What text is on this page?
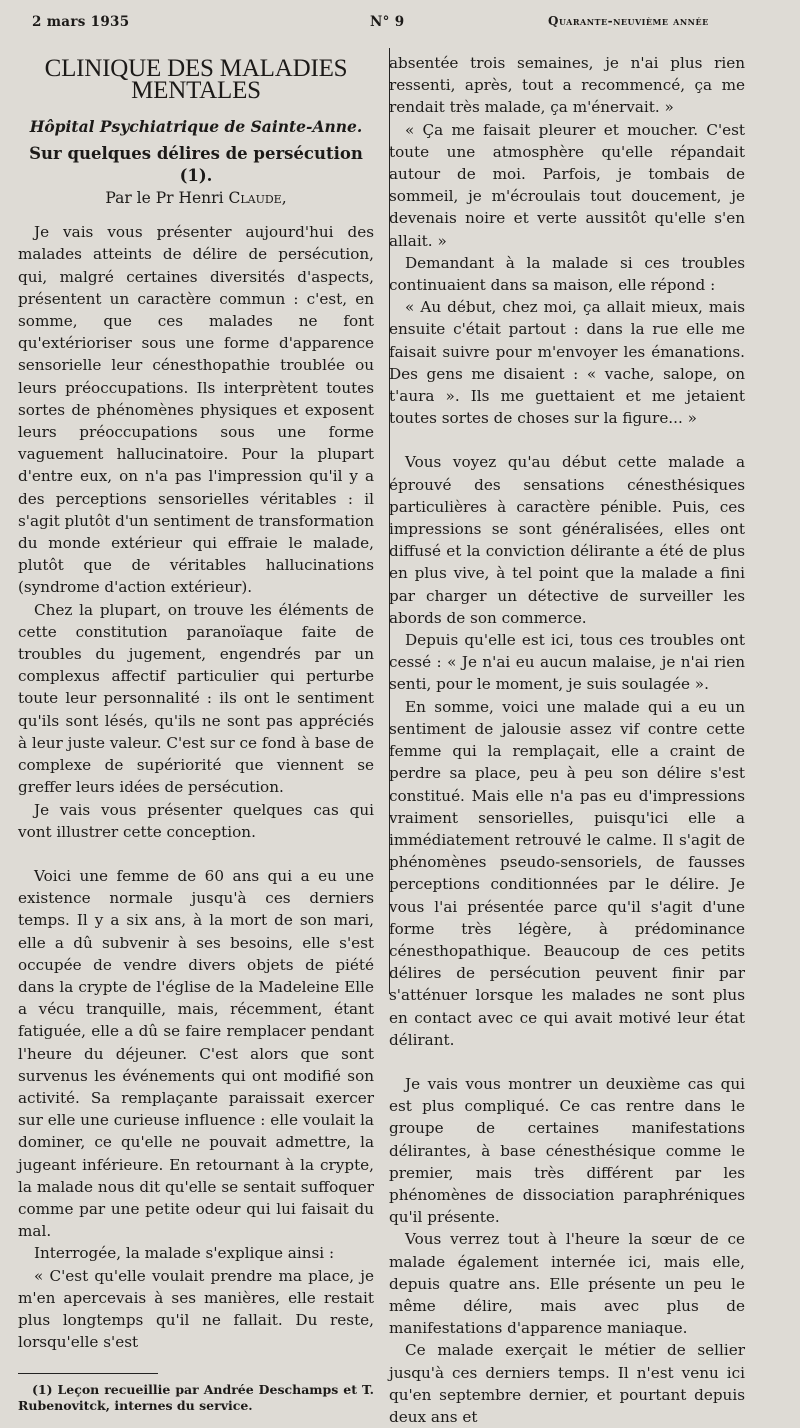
2 mars 1935	N° 9	Quarante-neuvième année
CLINIQUE DES MALADIES MENTALES
Hôpital Psychiatrique de Sainte-Anne.
Sur quelques délires de persécution (1).
Par le Pr Henri Claude,

Je vais vous présenter aujourd'hui des malades atteints de délire de persécution, qui, malgré certaines diversités d'aspects, présentent un caractère commun : c'est, en somme, que ces malades ne font qu'extérioriser sous une forme d'apparence sensorielle leur cénesthopathie troublée ou leurs préoccupations. Ils interprètent toutes sortes de phénomènes physiques et exposent leurs préoccupations sous une forme vaguement hallucinatoire. Pour la plupart d'entre eux, on n'a pas l'impression qu'il y a des perceptions sensorielles véritables : il s'agit plutôt d'un sentiment de transformation du monde extérieur qui effraie le malade, plutôt que de véritables hallucinations (syndrome d'action extérieur).

Chez la plupart, on trouve les éléments de cette constitution paranoïaque faite de troubles du jugement, engendrés par un complexus affectif particulier qui perturbe toute leur personnalité : ils ont le sentiment qu'ils sont lésés, qu'ils ne sont pas appréciés à leur juste valeur. C'est sur ce fond à base de complexe de supériorité que viennent se greffer leurs idées de persécution.

Je vais vous présenter quelques cas qui vont illustrer cette conception.

Voici une femme de 60 ans qui a eu une existence normale jusqu'à ces derniers temps. Il y a six ans, à la mort de son mari, elle a dû subvenir à ses besoins, elle s'est occupée de vendre divers objets de piété dans la crypte de l'église de la Madeleine Elle a vécu tranquille, mais, récemment, étant fatiguée, elle a dû se faire remplacer pendant l'heure du déjeuner. C'est alors que sont survenus les événements qui ont modifié son activité. Sa remplaçante paraissait exercer sur elle une curieuse influence : elle voulait la dominer, ce qu'elle ne pouvait admettre, la jugeant inférieure. En retournant à la crypte, la malade nous dit qu'elle se sentait suffoquer comme par une petite odeur qui lui faisait du mal.

Interrogée, la malade s'explique ainsi :

« C'est qu'elle voulait prendre ma place, je m'en apercevais à ses manières, elle restait plus longtemps qu'il ne fallait. Du reste, lorsqu'elle s'est

(1) Leçon recueillie par Andrée Deschamps et T. Rubenovitck, internes du service.

absentée trois semaines, je n'ai plus rien ressenti, après, tout a recommencé, ça me rendait très malade, ça m'énervait. »

« Ça me faisait pleurer et moucher. C'est toute une atmosphère qu'elle répandait autour de moi. Parfois, je tombais de sommeil, je m'écroulais tout doucement, je devenais noire et verte aussitôt qu'elle s'en allait. »

Demandant à la malade si ces troubles continuaient dans sa maison, elle répond :

« Au début, chez moi, ça allait mieux, mais ensuite c'était partout : dans la rue elle me faisait suivre pour m'envoyer les émanations. Des gens me disaient : « vache, salope, on t'aura ». Ils me guettaient et me jetaient toutes sortes de choses sur la figure... »

Vous voyez qu'au début cette malade a éprouvé des sensations cénesthésiques particulières à caractère pénible. Puis, ces impressions se sont généralisées, elles ont diffusé et la conviction délirante a été de plus en plus vive, à tel point que la malade a fini par charger un détective de surveiller les abords de son commerce.

Depuis qu'elle est ici, tous ces troubles ont cessé : « Je n'ai eu aucun malaise, je n'ai rien senti, pour le moment, je suis soulagée ».

En somme, voici une malade qui a eu un sentiment de jalousie assez vif contre cette femme qui la remplaçait, elle a craint de perdre sa place, peu à peu son délire s'est constitué. Mais elle n'a pas eu d'impressions vraiment sensorielles, puisqu'ici elle a immédiatement retrouvé le calme. Il s'agit de phénomènes pseudo-sensoriels, de fausses perceptions conditionnées par le délire. Je vous l'ai présentée parce qu'il s'agit d'une forme très légère, à prédominance cénesthopathique. Beaucoup de ces petits délires de persécution peuvent finir par s'atténuer lorsque les malades ne sont plus en contact avec ce qui avait motivé leur état délirant.

Je vais vous montrer un deuxième cas qui est plus compliqué. Ce cas rentre dans le groupe de certaines manifestations délirantes, à base cénesthésique comme le premier, mais très différent par les phénomènes de dissociation paraphréniques qu'il présente.

Vous verrez tout à l'heure la sœur de ce malade également internée ici, mais elle, depuis quatre ans. Elle présente un peu le même délire, mais avec plus de manifestations d'apparence maniaque.

Ce malade exerçait le métier de sellier jusqu'à ces derniers temps. Il n'est venu ici qu'en septembre dernier, et pourtant depuis deux ans et
